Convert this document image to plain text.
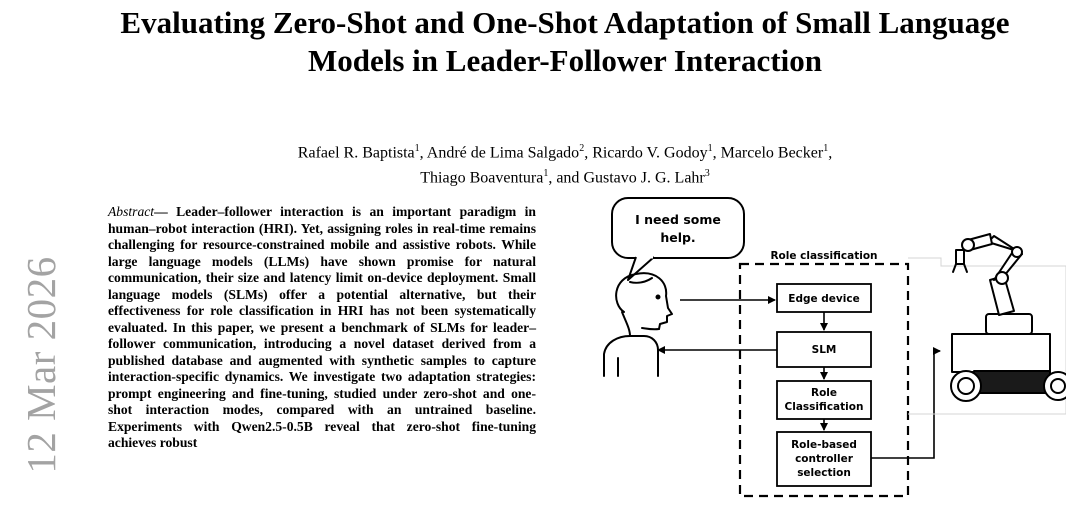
12 Mar 2026
Evaluating Zero-Shot and One-Shot Adaptation of Small Language Models in Leader-Follower Interaction
Rafael R. Baptista$^1$, André de Lima Salgado$^2$, Ricardo V. Godoy$^1$, Marcelo Becker$^1$,
Thiago Boaventura$^1$, and Gustavo J. G. Lahr$^3$
Abstract— Leader–follower interaction is an important paradigm in human–robot interaction (HRI). Yet, assigning roles in real-time remains challenging for resource-constrained mobile and assistive robots. While large language models (LLMs) have shown promise for natural communication, their size and latency limit on-device deployment. Small language models (SLMs) offer a potential alternative, but their effectiveness for role classification in HRI has not been systematically evaluated. In this paper, we present a benchmark of SLMs for leader–follower communication, introducing a novel dataset derived from a published database and augmented with synthetic samples to capture interaction-specific dynamics. We investigate two adaptation strategies: prompt engineering and fine-tuning, studied under zero-shot and one-shot interaction modes, compared with an untrained baseline. Experiments with Qwen2.5-0.5B reveal that zero-shot fine-tuning achieves robust
I need some
help.
Role classification
Edge device
SLM
Role
Classification
Role-based
controller
selection
